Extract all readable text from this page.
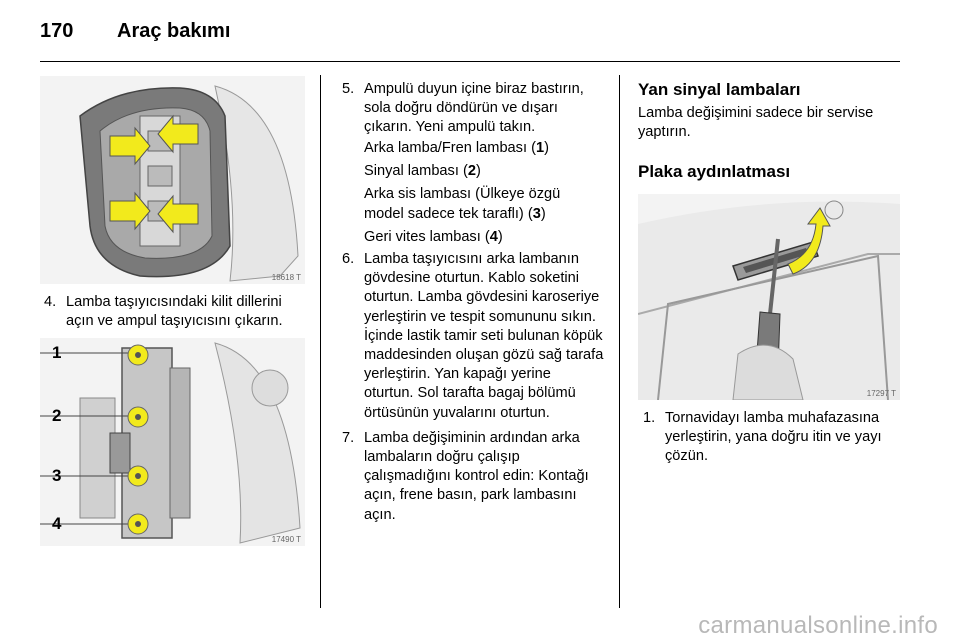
170 Araç bakımı
18618 T
4. Lamba taşıyıcısındaki kilit dillerini açın ve ampul taşıyıcısını çıkarın.
1
2
3
4
17490 T
5. Ampulü duyun içine biraz bastırın, sola doğru döndürün ve dışarı çıkarın. Yeni ampulü takın.

Arka lamba/Fren lambası (1)

Sinyal lambası (2)

Arka sis lambası (Ülkeye özgü model sadece tek taraflı) (3)

Geri vites lambası (4)

6. Lamba taşıyıcısını arka lambanın gövdesine oturtun. Kablo soketini oturtun. Lamba gövdesini karoseriye yerleştirin ve tespit somununu sıkın. İçinde lastik tamir seti bulunan köpük maddesinden oluşan gözü sağ tarafa yerleştirin. Yan kapağı yerine oturtun. Sol tarafta bagaj bölümü örtüsünün yuvalarını oturtun.
7. Lamba değişiminin ardından arka lambaların doğru çalışıp çalışmadığını kontrol edin: Kontağı açın, frene basın, park lambasını açın.
Yan sinyal lambaları

Lamba değişimini sadece bir servise yaptırın.

Plaka aydınlatması
17297 T
1. Tornavidayı lamba muhafazasına yerleştirin, yana doğru itin ve yayı çözün.
carmanualsonline.info
